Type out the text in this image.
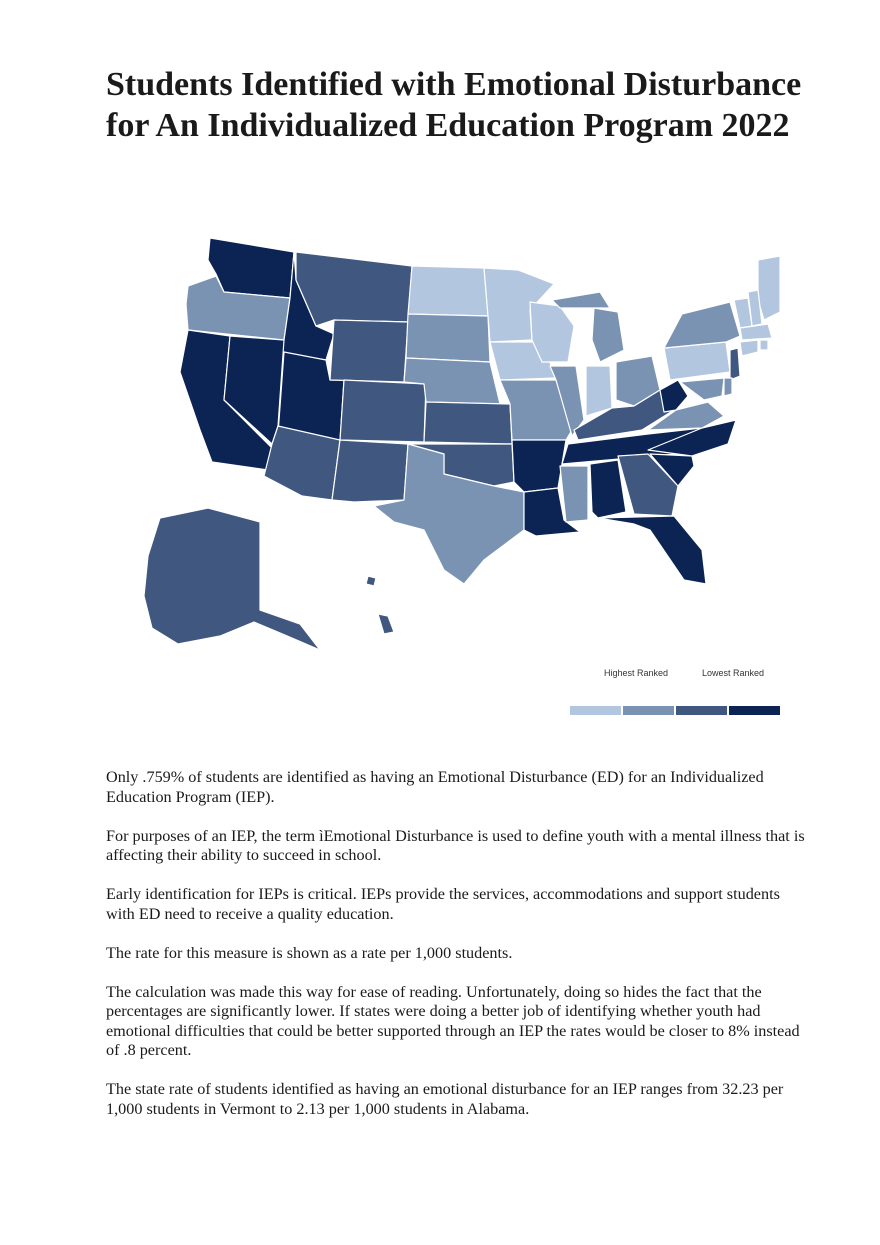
Students Identified with Emotional Disturbance for An Individualized Education Program 2022
Highest Ranked	Lowest Ranked

Only .759% of students are identified as having an Emotional Disturbance (ED) for an Individualized Education Program (IEP).

For purposes of an IEP, the term ìEmotional Disturbance is used to define youth with a mental illness that is affecting their ability to succeed in school.

Early identification for IEPs is critical. IEPs provide the services, accommodations and support students with ED need to receive a quality education.

The rate for this measure is shown as a rate per 1,000 students.

The calculation was made this way for ease of reading. Unfortunately, doing so hides the fact that the percentages are significantly lower. If states were doing a better job of identifying whether youth had emotional difficulties that could be better supported through an IEP the rates would be closer to 8% instead of .8 percent.

The state rate of students identified as having an emotional disturbance for an IEP ranges from 32.23 per 1,000 students in Vermont to 2.13 per 1,000 students in Alabama.
